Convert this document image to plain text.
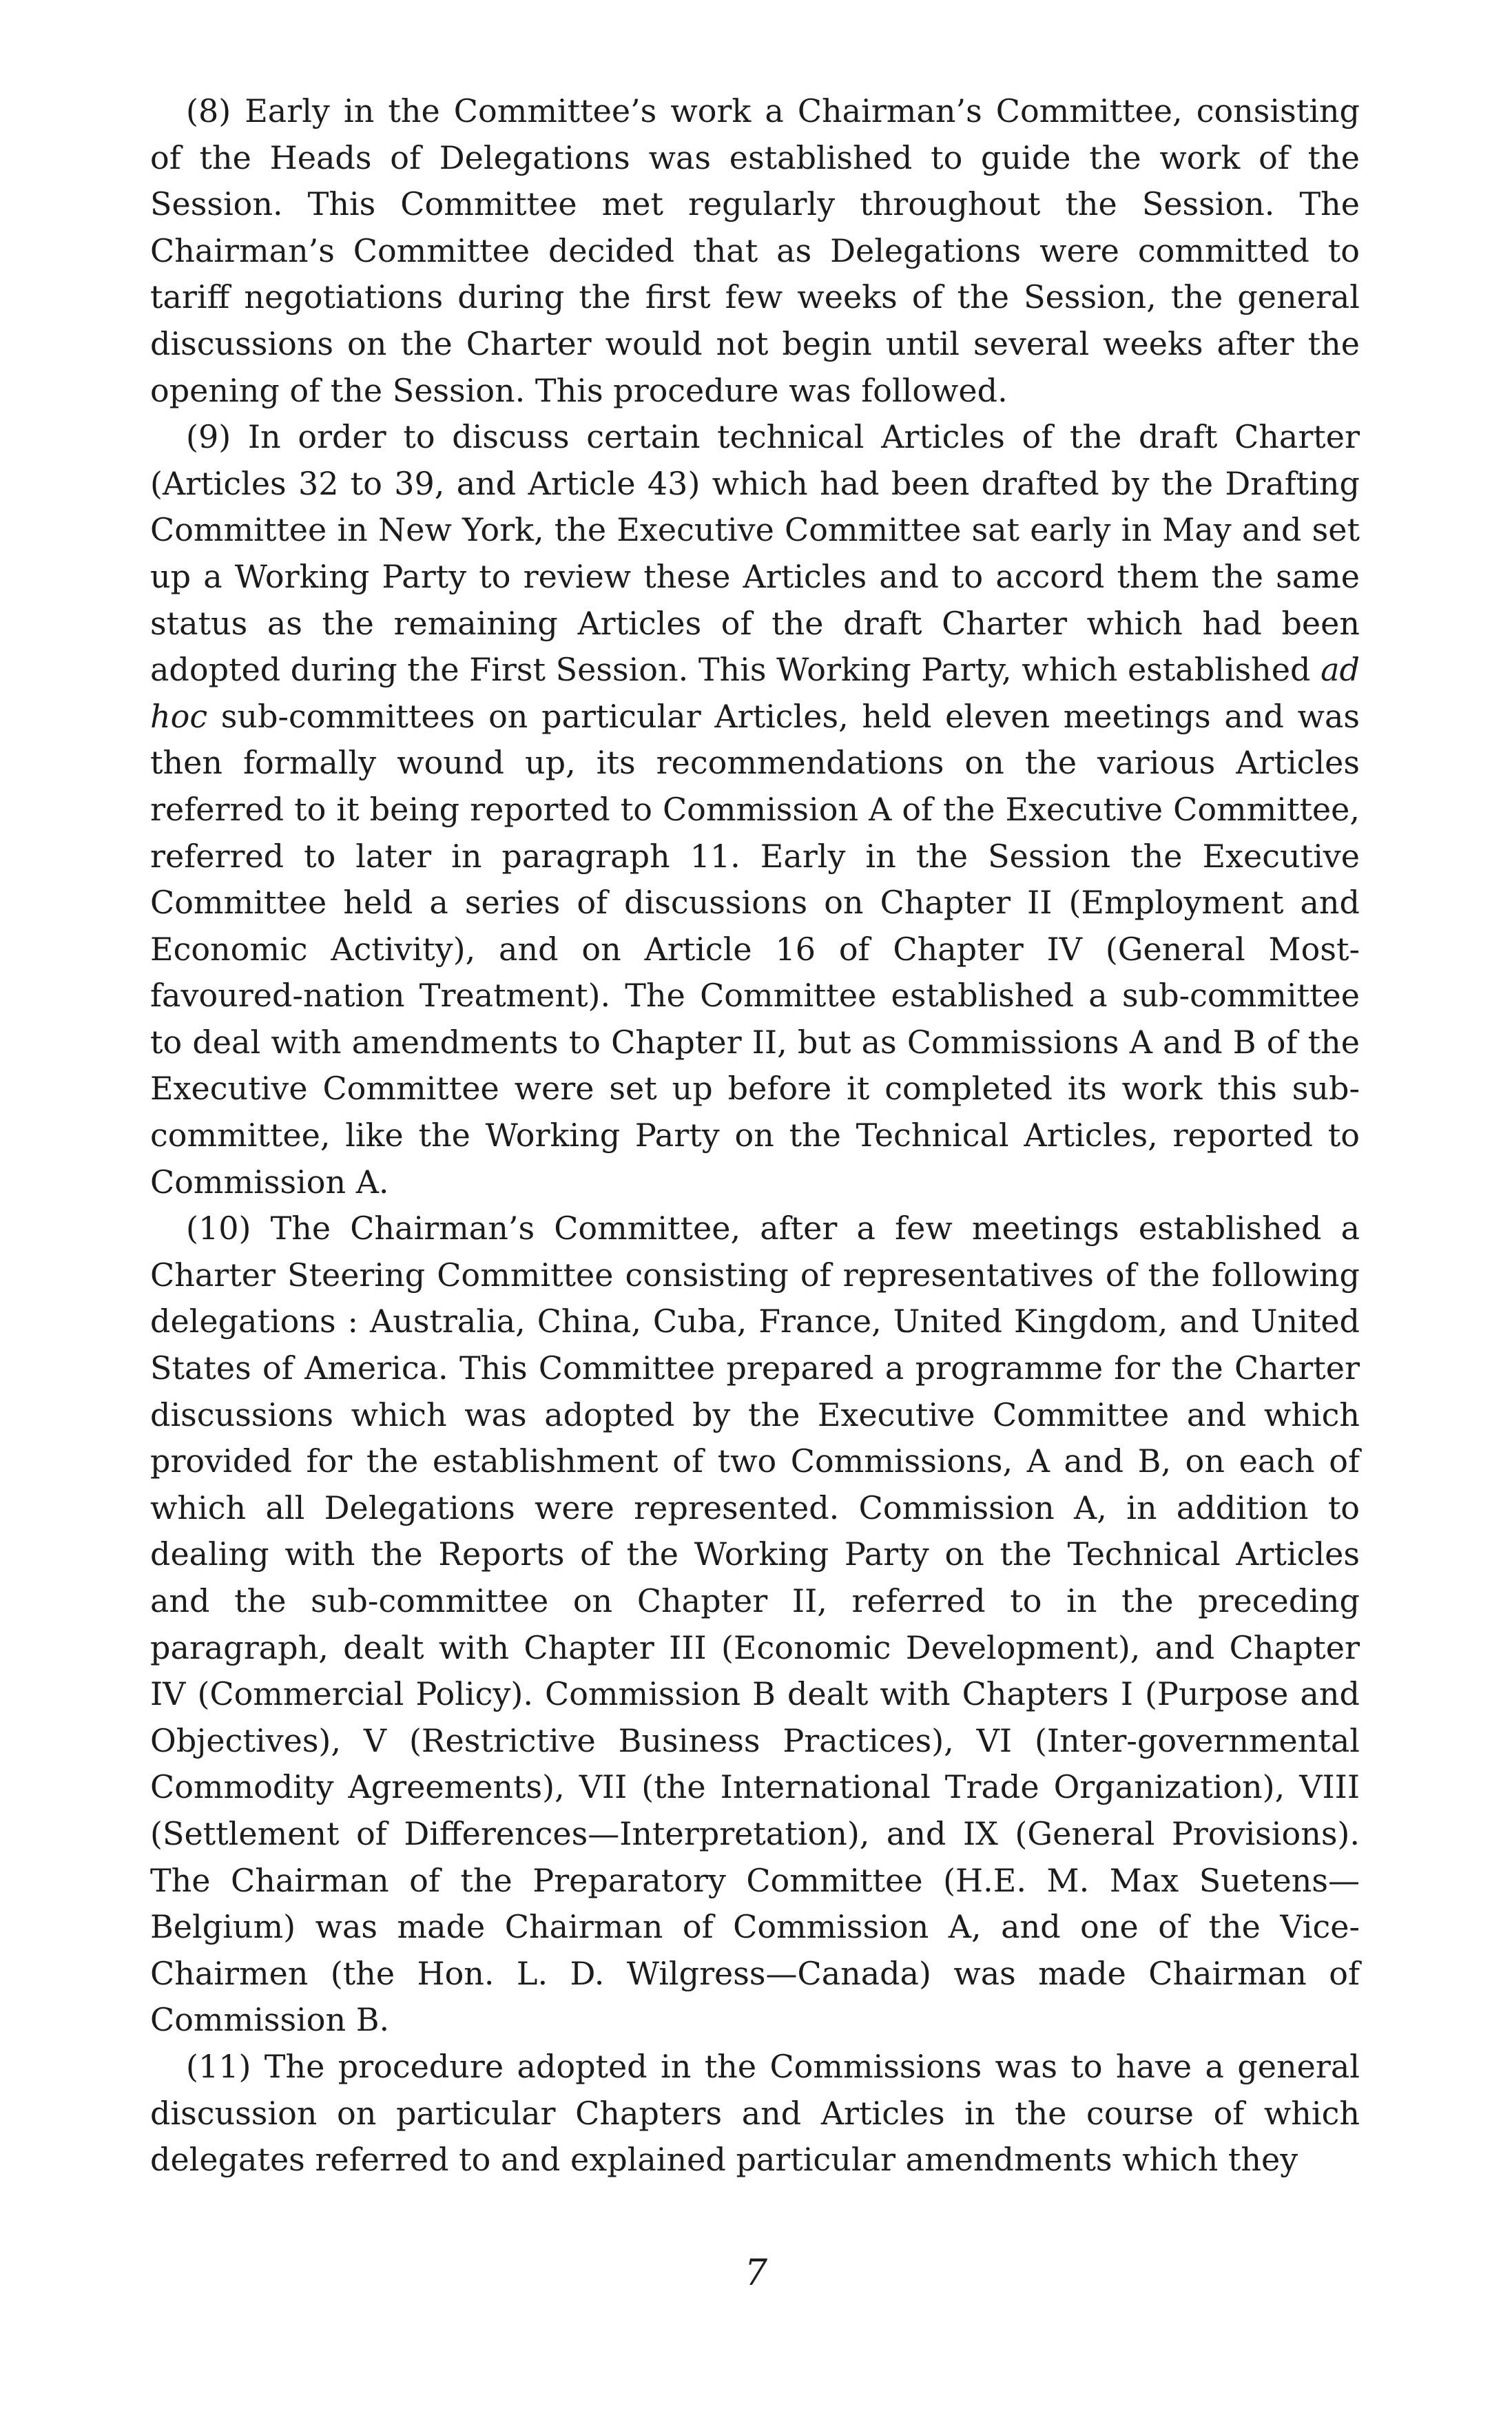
(8) Early in the Committee’s work a Chairman’s Committee, consisting of the Heads of Delegations was established to guide the work of the Session. This Committee met regularly throughout the Session. The Chairman’s Committee decided that as Delegations were committed to tariff negotiations during the first few weeks of the Session, the general discussions on the Charter would not begin until several weeks after the opening of the Session. This procedure was followed.

(9) In order to discuss certain technical Articles of the draft Charter (Articles 32 to 39, and Article 43) which had been drafted by the Drafting Committee in New York, the Executive Committee sat early in May and set up a Working Party to review these Articles and to accord them the same status as the remaining Articles of the draft Charter which had been adopted during the First Session. This Working Party, which established ad hoc sub-committees on particular Articles, held eleven meetings and was then formally wound up, its recommendations on the various Articles referred to it being reported to Commission A of the Executive Committee, referred to later in paragraph 11. Early in the Session the Executive Committee held a series of discussions on Chapter II (Employment and Economic Activity), and on Article 16 of Chapter IV (General Most-favoured-nation Treatment). The Committee established a sub-committee to deal with amendments to Chapter II, but as Commissions A and B of the Executive Committee were set up before it completed its work this sub-committee, like the Working Party on the Technical Articles, reported to Commission A.

(10) The Chairman’s Committee, after a few meetings established a Charter Steering Committee consisting of representatives of the following delegations : Australia, China, Cuba, France, United Kingdom, and United States of America. This Committee prepared a programme for the Charter discussions which was adopted by the Executive Committee and which provided for the establishment of two Commissions, A and B, on each of which all Delegations were represented. Commission A, in addition to dealing with the Reports of the Working Party on the Technical Articles and the sub-committee on Chapter II, referred to in the preceding paragraph, dealt with Chapter III (Economic Development), and Chapter IV (Commercial Policy). Commission B dealt with Chapters I (Purpose and Objectives), V (Restrictive Business Practices), VI (Inter-governmental Commodity Agreements), VII (the International Trade Organization), VIII (Settlement of Differences—Interpretation), and IX (General Provisions). The Chairman of the Preparatory Committee (H.E. M. Max Suetens—Belgium) was made Chairman of Commission A, and one of the Vice-Chairmen (the Hon. L. D. Wilgress—Canada) was made Chairman of Commission B.

(11) The procedure adopted in the Commissions was to have a general discussion on particular Chapters and Articles in the course of which delegates referred to and explained particular amendments which they

7
